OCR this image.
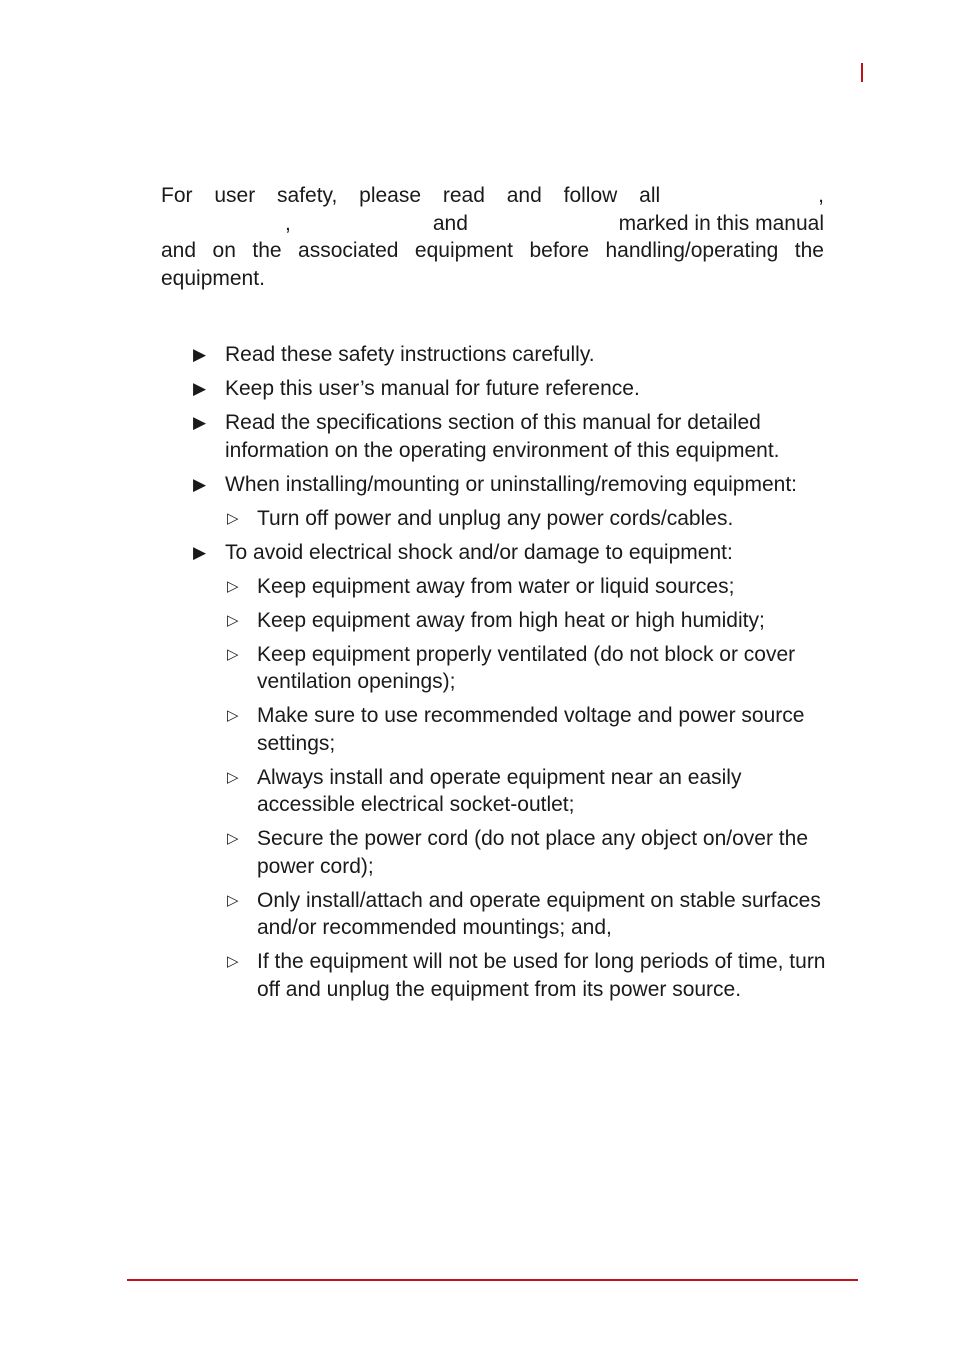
For user safety, please read and follow all	,
,	and	marked in this manual
and on the associated equipment before handling/operating the equipment.
▶ Read these safety instructions carefully.
▶ Keep this user’s manual for future reference.
▶ Read the specifications section of this manual for detailed information on the operating environment of this equipment.
▶ When installing/mounting or uninstalling/removing equipment:
▷ Turn off power and unplug any power cords/cables.
▶ To avoid electrical shock and/or damage to equipment:
▷ Keep equipment away from water or liquid sources;
▷ Keep equipment away from high heat or high humidity;
▷ Keep equipment properly ventilated (do not block or cover ventilation openings);
▷ Make sure to use recommended voltage and power source settings;
▷ Always install and operate equipment near an easily accessible electrical socket-outlet;
▷ Secure the power cord (do not place any object on/over the power cord);
▷ Only install/attach and operate equipment on stable surfaces and/or recommended mountings; and,
▷ If the equipment will not be used for long periods of time, turn off and unplug the equipment from its power source.
